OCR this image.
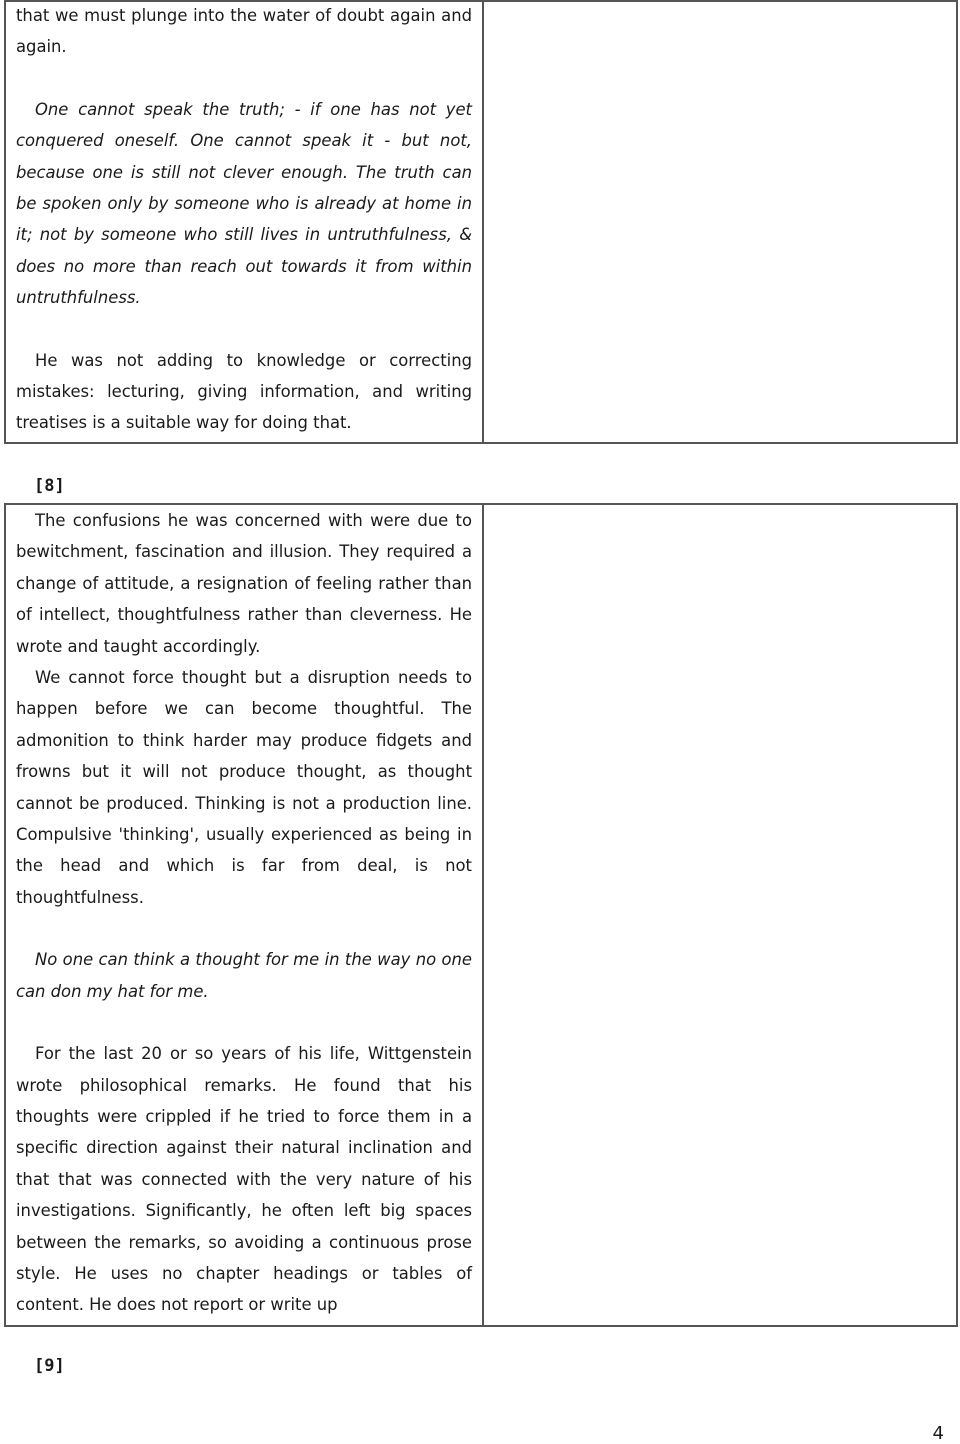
that we must plunge into the water of doubt again and again.

One cannot speak the truth; - if one has not yet conquered oneself. One cannot speak it - but not, because one is still not clever enough. The truth can be spoken only by someone who is already at home in it; not by someone who still lives in untruthfulness, & does no more than reach out towards it from within untruthfulness.

He was not adding to knowledge or correcting mistakes: lecturing, giving information, and writing treatises is a suitable way for doing that.

[8]

The confusions he was concerned with were due to bewitchment, fascination and illusion. They required a change of attitude, a resignation of feeling rather than of intellect, thoughtfulness rather than cleverness. He wrote and taught accordingly.

We cannot force thought but a disruption needs to happen before we can become thoughtful. The admonition to think harder may produce fidgets and frowns but it will not produce thought, as thought cannot be produced. Thinking is not a production line. Compulsive 'thinking', usually experienced as being in the head and which is far from deal, is not thoughtfulness.

No one can think a thought for me in the way no one can don my hat for me.

For the last 20 or so years of his life, Wittgenstein wrote philosophical remarks. He found that his thoughts were crippled if he tried to force them in a specific direction against their natural inclination and that that was connected with the very nature of his investigations. Significantly, he often left big spaces between the remarks, so avoiding a continuous prose style. He uses no chapter headings or tables of content. He does not report or write up

[9]
4
